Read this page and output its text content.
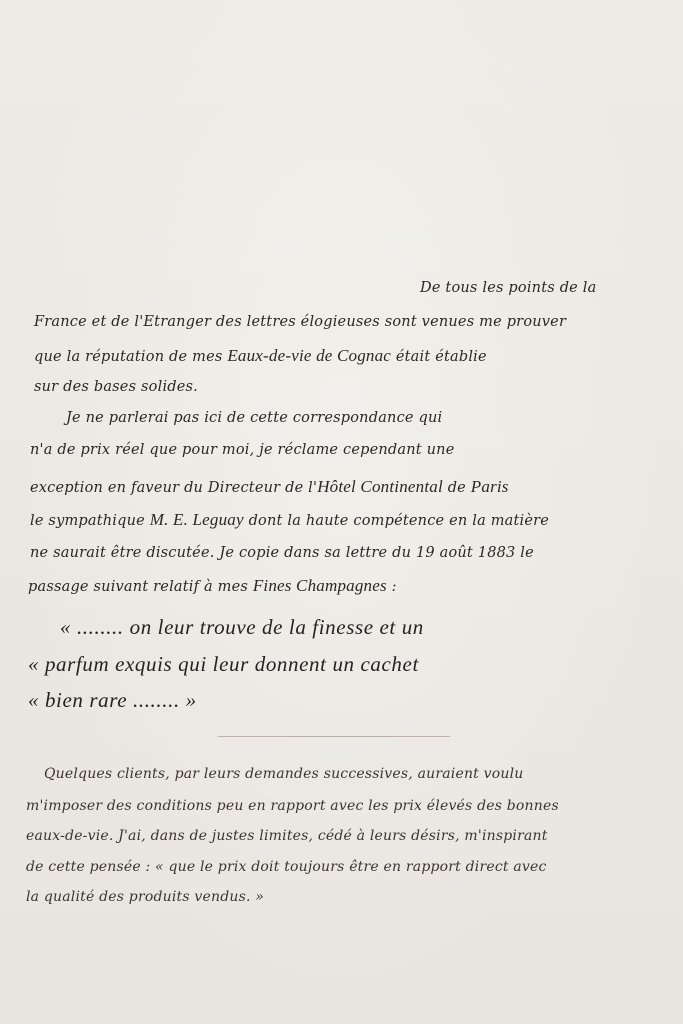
De tous les points de la
France et de l'Etranger des lettres élogieuses sont venues me prouver
que la réputation de mes Eaux-de-vie de Cognac était établie
sur des bases solides.
Je ne parlerai pas ici de cette correspondance qui
n'a de prix réel que pour moi, je réclame cependant une
exception en faveur du Directeur de l'Hôtel Continental de Paris
le sympathique M. E. Leguay dont la haute compétence en la matière
ne saurait être discutée. Je copie dans sa lettre du 19 août 1883 le
passage suivant relatif à mes Fines Champagnes :
« ........ on leur trouve de la finesse et un
« parfum exquis qui leur donnent un cachet
« bien rare ........ »
Quelques clients, par leurs demandes successives, auraient voulu
m'imposer des conditions peu en rapport avec les prix élevés des bonnes
eaux-de-vie. J'ai, dans de justes limites, cédé à leurs désirs, m'inspirant
de cette pensée : « que le prix doit toujours être en rapport direct avec
la qualité des produits vendus. »
